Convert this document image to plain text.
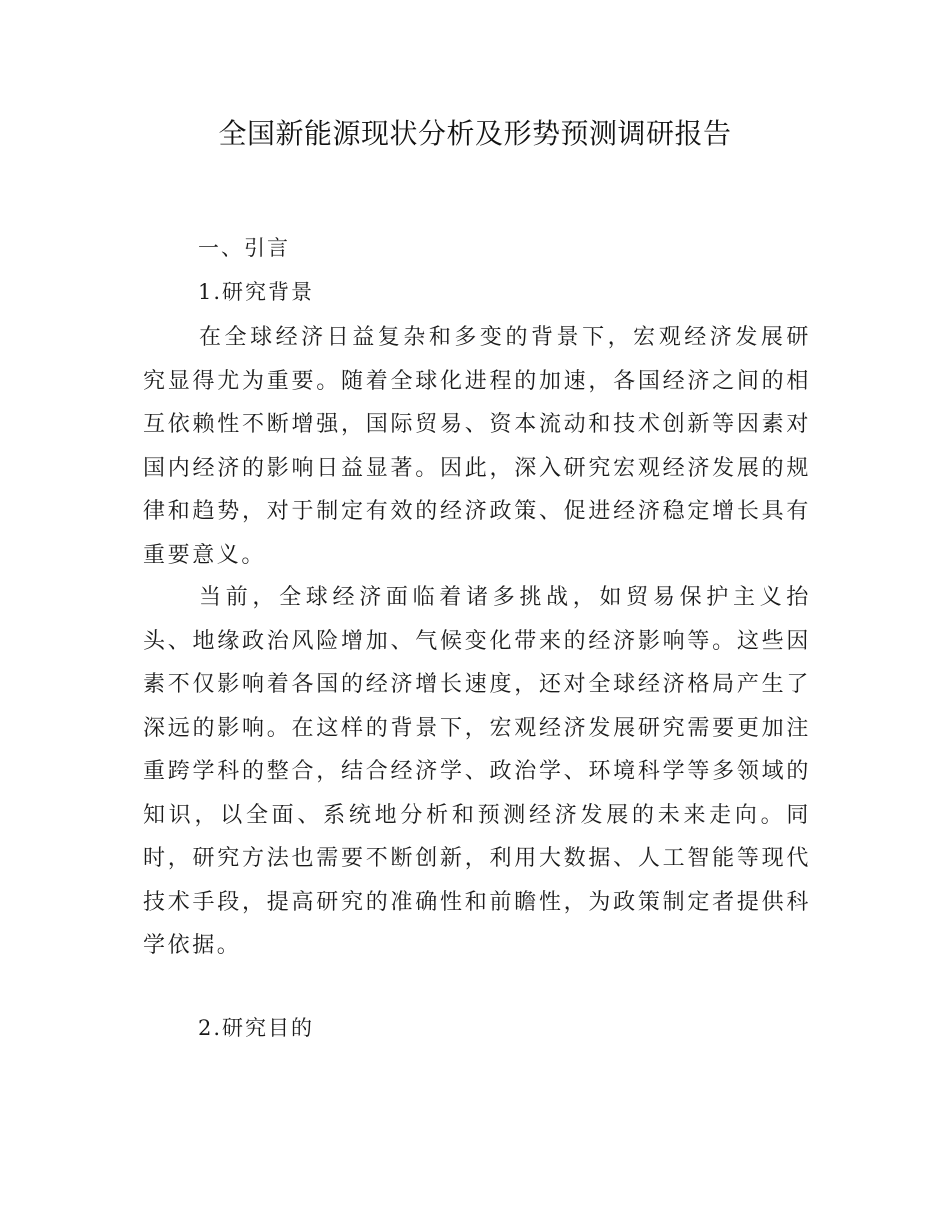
全国新能源现状分析及形势预测调研报告
一、引言
1.研究背景

在全球经济日益复杂和多变的背景下，宏观经济发展研究显得尤为重要。随着全球化进程的加速，各国经济之间的相互依赖性不断增强，国际贸易、资本流动和技术创新等因素对国内经济的影响日益显著。因此，深入研究宏观经济发展的规律和趋势，对于制定有效的经济政策、促进经济稳定增长具有重要意义。

当前，全球经济面临着诸多挑战，如贸易保护主义抬头、地缘政治风险增加、气候变化带来的经济影响等。这些因素不仅影响着各国的经济增长速度，还对全球经济格局产生了深远的影响。在这样的背景下，宏观经济发展研究需要更加注重跨学科的整合，结合经济学、政治学、环境科学等多领域的知识，以全面、系统地分析和预测经济发展的未来走向。同时，研究方法也需要不断创新，利用大数据、人工智能等现代技术手段，提高研究的准确性和前瞻性，为政策制定者提供科学依据。

2.研究目的
